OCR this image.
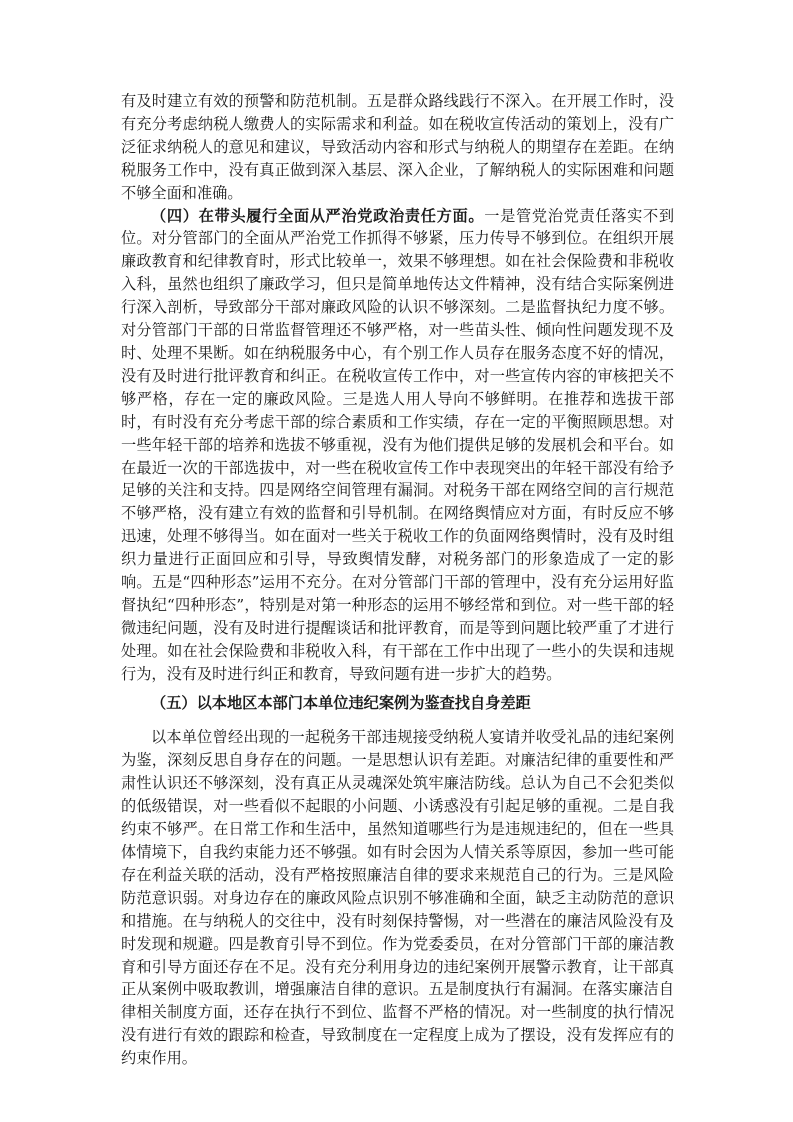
有及时建立有效的预警和防范机制。五是群众路线践行不深入。在开展工作时，没有充分考虑纳税人缴费人的实际需求和利益。如在税收宣传活动的策划上，没有广泛征求纳税人的意见和建议，导致活动内容和形式与纳税人的期望存在差距。在纳税服务工作中，没有真正做到深入基层、深入企业，了解纳税人的实际困难和问题不够全面和准确。

（四）在带头履行全面从严治党政治责任方面。一是管党治党责任落实不到位。对分管部门的全面从严治党工作抓得不够紧，压力传导不够到位。在组织开展廉政教育和纪律教育时，形式比较单一，效果不够理想。如在社会保险费和非税收入科，虽然也组织了廉政学习，但只是简单地传达文件精神，没有结合实际案例进行深入剖析，导致部分干部对廉政风险的认识不够深刻。二是监督执纪力度不够。对分管部门干部的日常监督管理还不够严格，对一些苗头性、倾向性问题发现不及时、处理不果断。如在纳税服务中心，有个别工作人员存在服务态度不好的情况，没有及时进行批评教育和纠正。在税收宣传工作中，对一些宣传内容的审核把关不够严格，存在一定的廉政风险。三是选人用人导向不够鲜明。在推荐和选拔干部时，有时没有充分考虑干部的综合素质和工作实绩，存在一定的平衡照顾思想。对一些年轻干部的培养和选拔不够重视，没有为他们提供足够的发展机会和平台。如在最近一次的干部选拔中，对一些在税收宣传工作中表现突出的年轻干部没有给予足够的关注和支持。四是网络空间管理有漏洞。对税务干部在网络空间的言行规范不够严格，没有建立有效的监督和引导机制。在网络舆情应对方面，有时反应不够迅速，处理不够得当。如在面对一些关于税收工作的负面网络舆情时，没有及时组织力量进行正面回应和引导，导致舆情发酵，对税务部门的形象造成了一定的影响。五是“四种形态”运用不充分。在对分管部门干部的管理中，没有充分运用好监督执纪“四种形态”，特别是对第一种形态的运用不够经常和到位。对一些干部的轻微违纪问题，没有及时进行提醒谈话和批评教育，而是等到问题比较严重了才进行处理。如在社会保险费和非税收入科，有干部在工作中出现了一些小的失误和违规行为，没有及时进行纠正和教育，导致问题有进一步扩大的趋势。

（五）以本地区本部门本单位违纪案例为鉴查找自身差距

以本单位曾经出现的一起税务干部违规接受纳税人宴请并收受礼品的违纪案例为鉴，深刻反思自身存在的问题。一是思想认识有差距。对廉洁纪律的重要性和严肃性认识还不够深刻，没有真正从灵魂深处筑牢廉洁防线。总认为自己不会犯类似的低级错误，对一些看似不起眼的小问题、小诱惑没有引起足够的重视。二是自我约束不够严。在日常工作和生活中，虽然知道哪些行为是违规违纪的，但在一些具体情境下，自我约束能力还不够强。如有时会因为人情关系等原因，参加一些可能存在利益关联的活动，没有严格按照廉洁自律的要求来规范自己的行为。三是风险防范意识弱。对身边存在的廉政风险点识别不够准确和全面，缺乏主动防范的意识和措施。在与纳税人的交往中，没有时刻保持警惕，对一些潜在的廉洁风险没有及时发现和规避。四是教育引导不到位。作为党委委员，在对分管部门干部的廉洁教育和引导方面还存在不足。没有充分利用身边的违纪案例开展警示教育，让干部真正从案例中吸取教训，增强廉洁自律的意识。五是制度执行有漏洞。在落实廉洁自律相关制度方面，还存在执行不到位、监督不严格的情况。对一些制度的执行情况没有进行有效的跟踪和检查，导致制度在一定程度上成为了摆设，没有发挥应有的约束作用。
